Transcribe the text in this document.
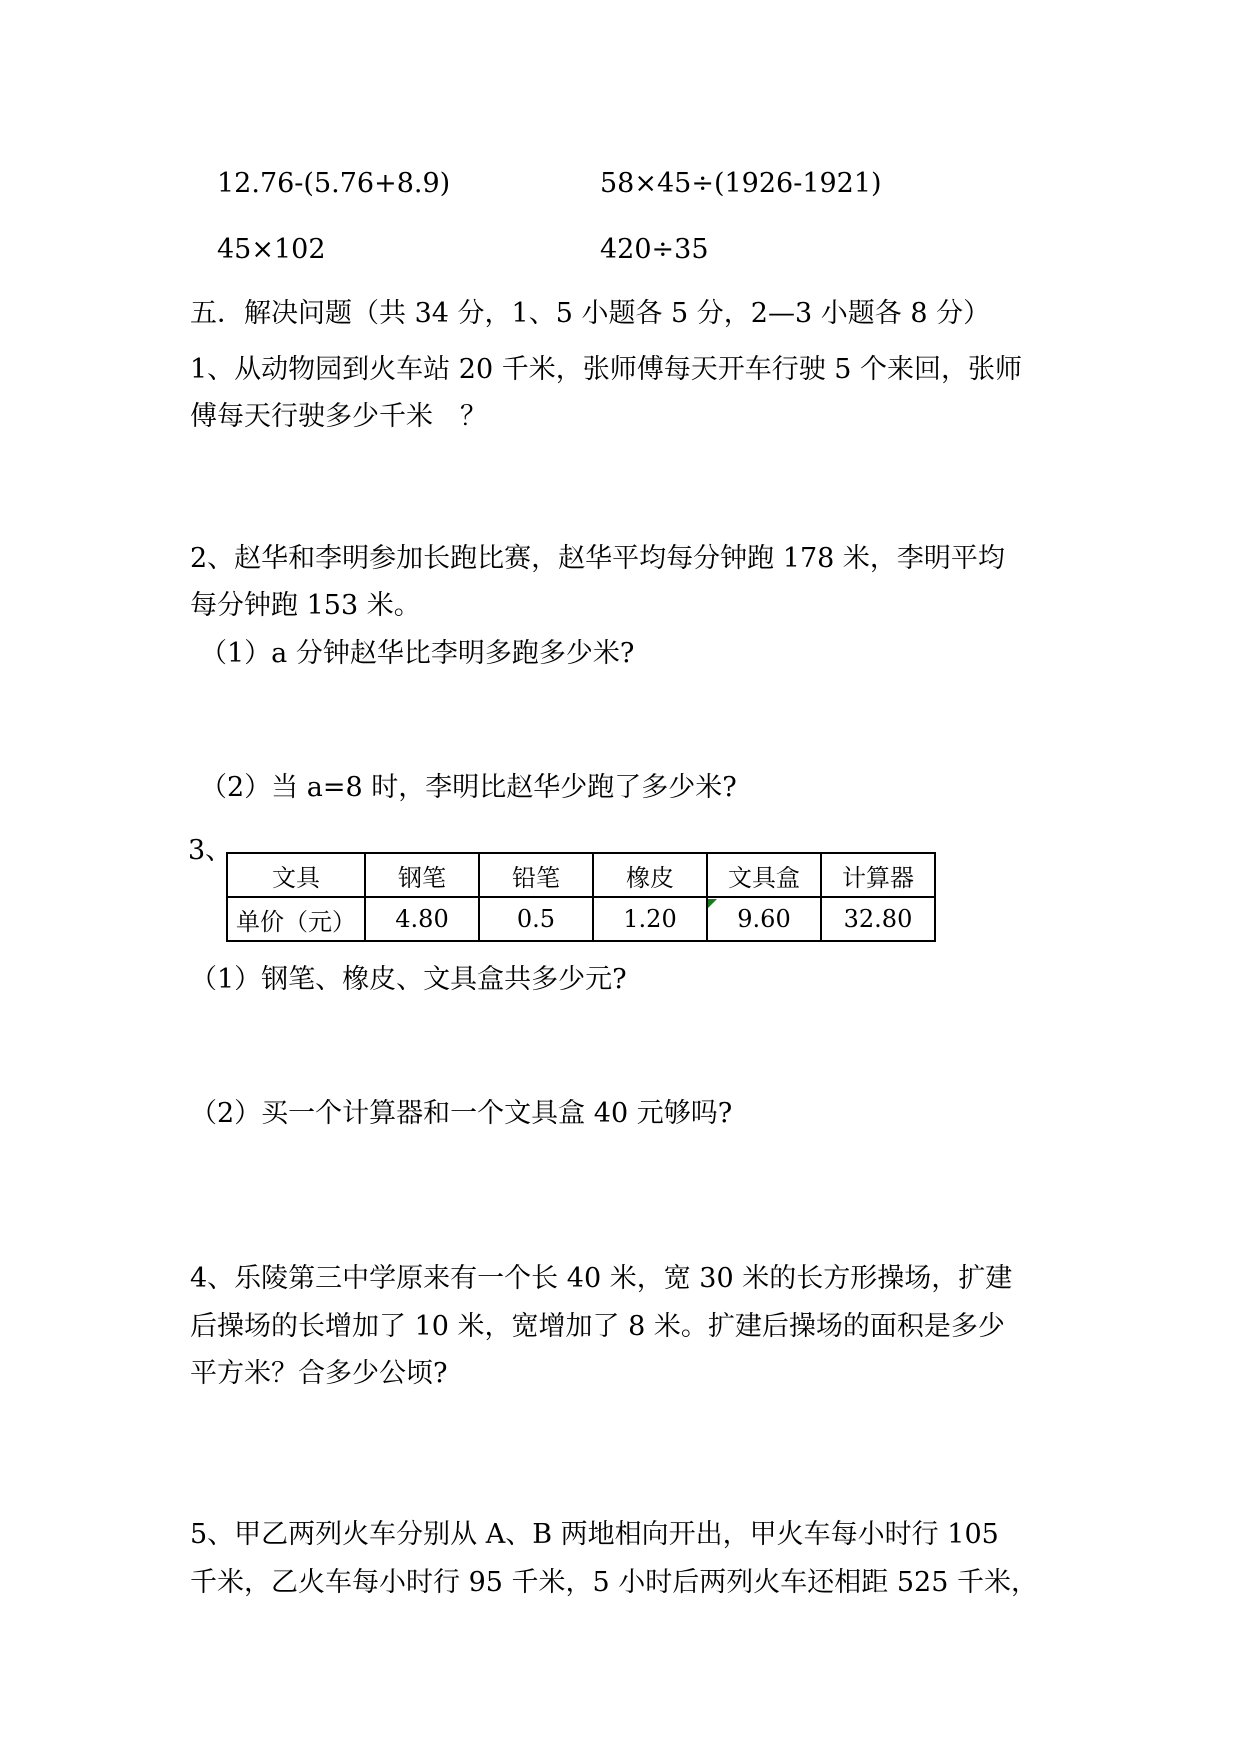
12.76-(5.76+8.9)	58×45÷(1926-1921)
45×102	420÷35
五．解决问题（共 34 分，1、5 小题各 5 分，2—3 小题各 8 分）
1、从动物园到火车站 20 千米，张师傅每天开车行驶 5 个来回，张师
傅每天行驶多少千米　？
2、赵华和李明参加长跑比赛，赵华平均每分钟跑 178 米，李明平均
每分钟跑 153 米。
（1）a 分钟赵华比李明多跑多少米?
（2）当 a=8 时，李明比赵华少跑了多少米?
3、
文具	钢笔	铅笔	橡皮	文具盒	计算器
单价（元）	4.80	0.5	1.20	9.60	32.80
（1）钢笔、橡皮、文具盒共多少元?
（2）买一个计算器和一个文具盒 40 元够吗?
4、乐陵第三中学原来有一个长 40 米，宽 30 米的长方形操场，扩建
后操场的长增加了 10 米，宽增加了 8 米。扩建后操场的面积是多少
平方米？合多少公顷?
5、甲乙两列火车分别从 A、B 两地相向开出，甲火车每小时行 105
千米，乙火车每小时行 95 千米，5 小时后两列火车还相距 525 千米，
